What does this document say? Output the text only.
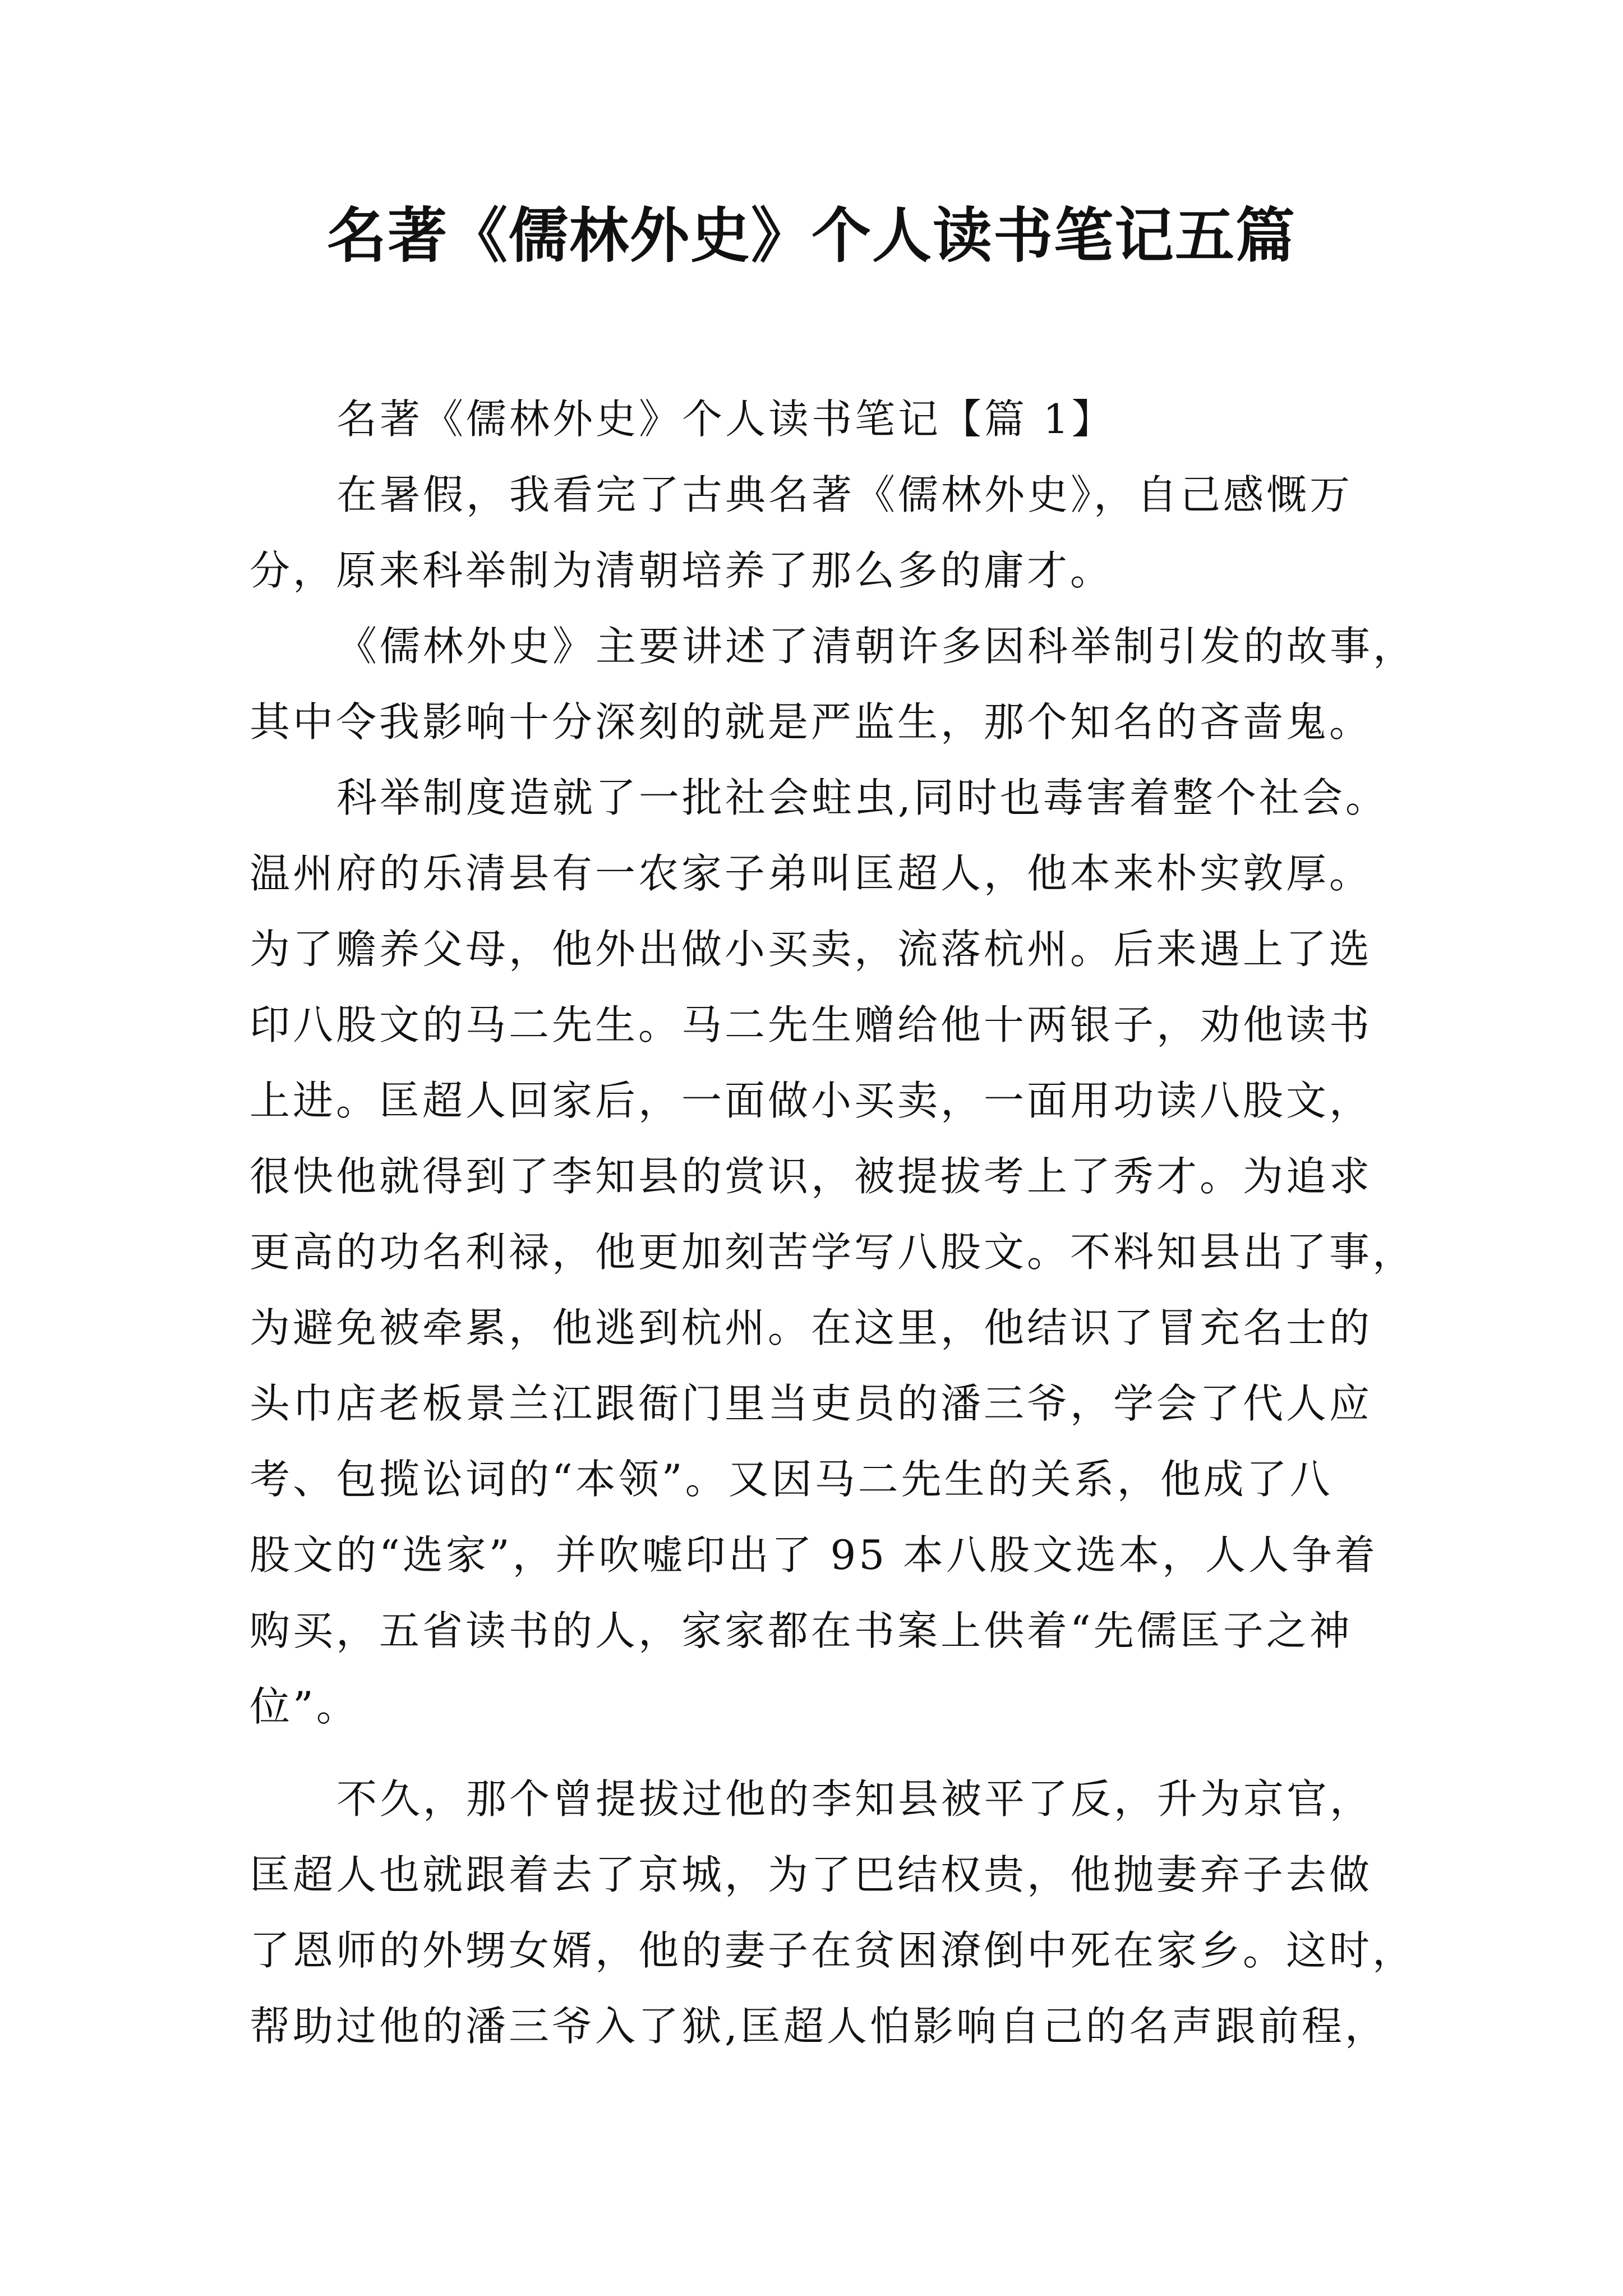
名著《儒林外史》个人读书笔记五篇
名著《儒林外史》个人读书笔记【篇 1】
在暑假，我看完了古典名著《儒林外史》，自己感慨万
分，原来科举制为清朝培养了那么多的庸才。
《儒林外史》主要讲述了清朝许多因科举制引发的故事，
其中令我影响十分深刻的就是严监生，那个知名的吝啬鬼。
科举制度造就了一批社会蛀虫,同时也毒害着整个社会。
温州府的乐清县有一农家子弟叫匡超人，他本来朴实敦厚。
为了赡养父母，他外出做小买卖，流落杭州。后来遇上了选
印八股文的马二先生。马二先生赠给他十两银子，劝他读书
上进。匡超人回家后，一面做小买卖，一面用功读八股文，
很快他就得到了李知县的赏识，被提拔考上了秀才。为追求
更高的功名利禄，他更加刻苦学写八股文。不料知县出了事，
为避免被牵累，他逃到杭州。在这里，他结识了冒充名士的
头巾店老板景兰江跟衙门里当吏员的潘三爷，学会了代人应
考、包揽讼词的“本领”。又因马二先生的关系，他成了八
股文的“选家”，并吹嘘印出了 95 本八股文选本，人人争着
购买，五省读书的人，家家都在书案上供着“先儒匡子之神
位”。
不久，那个曾提拔过他的李知县被平了反，升为京官，
匡超人也就跟着去了京城，为了巴结权贵，他抛妻弃子去做
了恩师的外甥女婿，他的妻子在贫困潦倒中死在家乡。这时，
帮助过他的潘三爷入了狱,匡超人怕影响自己的名声跟前程，
